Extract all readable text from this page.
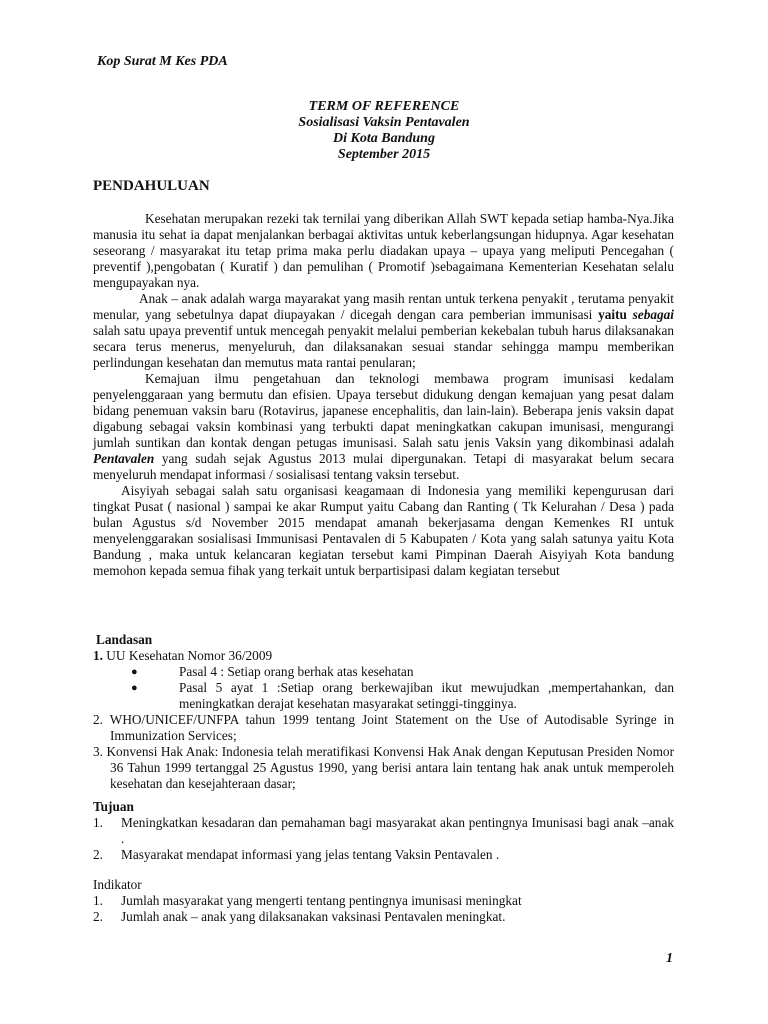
Kop Surat M Kes PDA
TERM OF REFERENCE
Sosialisasi Vaksin Pentavalen
Di Kota Bandung
September 2015
PENDAHULUAN

Kesehatan merupakan rezeki tak ternilai yang diberikan Allah SWT kepada setiap hamba-Nya.Jika manusia itu sehat ia dapat menjalankan berbagai aktivitas untuk keberlangsungan hidupnya. Agar kesehatan seseorang / masyarakat itu tetap prima maka perlu diadakan upaya – upaya yang meliputi Pencegahan ( preventif ),pengobatan ( Kuratif ) dan pemulihan ( Promotif )sebagaimana Kementerian Kesehatan selalu mengupayakan nya.

Anak – anak adalah warga mayarakat yang masih rentan untuk terkena penyakit , terutama penyakit menular, yang sebetulnya dapat diupayakan / dicegah dengan cara pemberian immunisasi yaitu sebagai salah satu upaya preventif untuk mencegah penyakit melalui pemberian kekebalan tubuh harus dilaksanakan secara terus menerus, menyeluruh, dan dilaksanakan sesuai standar sehingga mampu memberikan perlindungan kesehatan dan memutus mata rantai penularan;

Kemajuan ilmu pengetahuan dan teknologi membawa program imunisasi kedalam penyelenggaraan yang bermutu dan efisien. Upaya tersebut didukung dengan kemajuan yang pesat dalam bidang penemuan vaksin baru (Rotavirus, japanese encephalitis, dan lain-lain). Beberapa jenis vaksin dapat digabung sebagai vaksin kombinasi yang terbukti dapat meningkatkan cakupan imunisasi, mengurangi jumlah suntikan dan kontak dengan petugas imunisasi. Salah satu jenis Vaksin yang dikombinasi adalah Pentavalen yang sudah sejak Agustus 2013 mulai dipergunakan. Tetapi di masyarakat belum secara menyeluruh mendapat informasi / sosialisasi tentang vaksin tersebut.

Aisyiyah sebagai salah satu organisasi keagamaan di Indonesia yang memiliki kepengurusan dari tingkat Pusat ( nasional ) sampai ke akar Rumput yaitu Cabang dan Ranting ( Tk Kelurahan / Desa ) pada bulan Agustus s/d November 2015 mendapat amanah bekerjasama dengan Kemenkes RI untuk menyelenggarakan sosialisasi Immunisasi Pentavalen di 5 Kabupaten / Kota yang salah satunya yaitu Kota Bandung , maka untuk kelancaran kegiatan tersebut kami Pimpinan Daerah Aisyiyah Kota bandung memohon kepada semua fihak yang terkait untuk berpartisipasi dalam kegiatan tersebut

Landasan

1. UU Kesehatan Nomor 36/2009
●	Pasal 4 : Setiap orang berhak atas kesehatan
●	Pasal 5 ayat 1 :Setiap orang berkewajiban ikut mewujudkan ,mempertahankan, dan meningkatkan derajat kesehatan masyarakat setinggi-tingginya.

2. WHO/UNICEF/UNFPA tahun 1999 tentang Joint Statement on the Use of Autodisable Syringe in Immunization Services;

3. Konvensi Hak Anak: Indonesia telah meratifikasi Konvensi Hak Anak dengan Keputusan Presiden Nomor 36 Tahun 1999 tertanggal 25 Agustus 1990, yang berisi antara lain tentang hak anak untuk memperoleh kesehatan dan kesejahteraan dasar;

Tujuan

1.	Meningkatkan kesadaran dan pemahaman bagi masyarakat akan pentingnya Imunisasi bagi anak –anak .
2.	Masyarakat mendapat informasi yang jelas tentang Vaksin Pentavalen .

Indikator

1.	Jumlah masyarakat yang mengerti tentang pentingnya imunisasi meningkat
2.	Jumlah anak – anak yang dilaksanakan vaksinasi Pentavalen meningkat.
1
